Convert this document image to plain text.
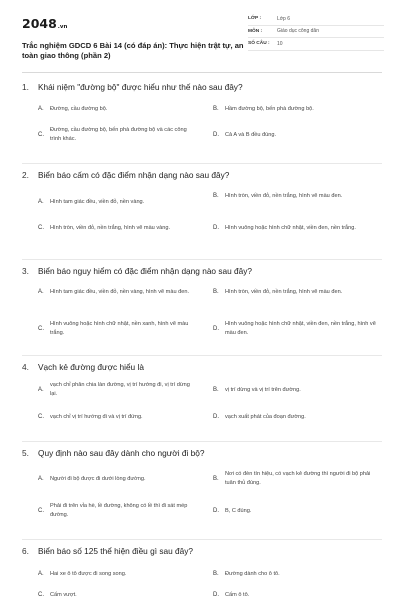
2048.vn
Trắc nghiệm GDCD 6 Bài 14 (có đáp án): Thực hiện trật tự, an toàn giao thông (phần 2)
LỚP :	Lớp 6
MÔN :	Giáo dục công dân
SỐ CÂU :	10
1.	Khái niệm "đường bộ" được hiểu như thế nào sau đây?
A.	Đường, cầu đường bộ.	B.	Hầm đường bộ, bến phà đường bộ.
C.
Đường, cầu đường bộ, bến phà đường bộ và các công trình khác.
D.	Cả A và B đều đúng.
2.	Biển báo cấm có đặc điểm nhận dạng nào sau đây?
A.	Hình tam giác đều, viền đỏ, nền vàng.
B.	Hình tròn, viền đỏ, nền trắng, hình vẽ màu đen.
C.	Hình tròn, viền đỏ, nền trắng, hình vẽ màu vàng.	D.	Hình vuông hoặc hình chữ nhật, viền đen, nền trắng.
3.	Biển báo nguy hiểm có đặc điểm nhận dạng nào sau đây?
A.	Hình tam giác đều, viền đỏ, nền vàng, hình vẽ màu đen.	B.	Hình tròn, viền đỏ, nền trắng, hình vẽ màu đen.
C.
Hình vuông hoặc hình chữ nhật, nền xanh, hình vẽ màu trắng.
D.
Hình vuông hoặc hình chữ nhật, viền đen, nền trắng, hình vẽ màu đen.
4.	Vạch kẻ đường được hiểu là
A.
vạch chỉ phân chia làn đường, vị trí hướng đi, vị trí dừng lại.
B.	vị trí dừng và vị trí trên đường.
C.	vạch chỉ vị trí hướng đi và vị trí đứng.	D.	vạch xuất phát của đoạn đường.
5.	Quy định nào sau đây dành cho người đi bộ?
A.	Người đi bộ được đi dưới lòng đường.	B.
Nơi có đèn tín hiệu, có vạch kẻ đường thì người đi bộ phải tuân thủ đúng.
C.
Phải đi trên vỉa hè, lề đường, không có lề thì đi sát mép đường.
D.	B, C đúng.
6.	Biển báo số 125 thể hiện điều gì sau đây?
A.	Hai xe ô tô được đi song song.	B.	Đường dành cho ô tô.
C.	Cấm vượt.	D.	Cấm ô tô.
